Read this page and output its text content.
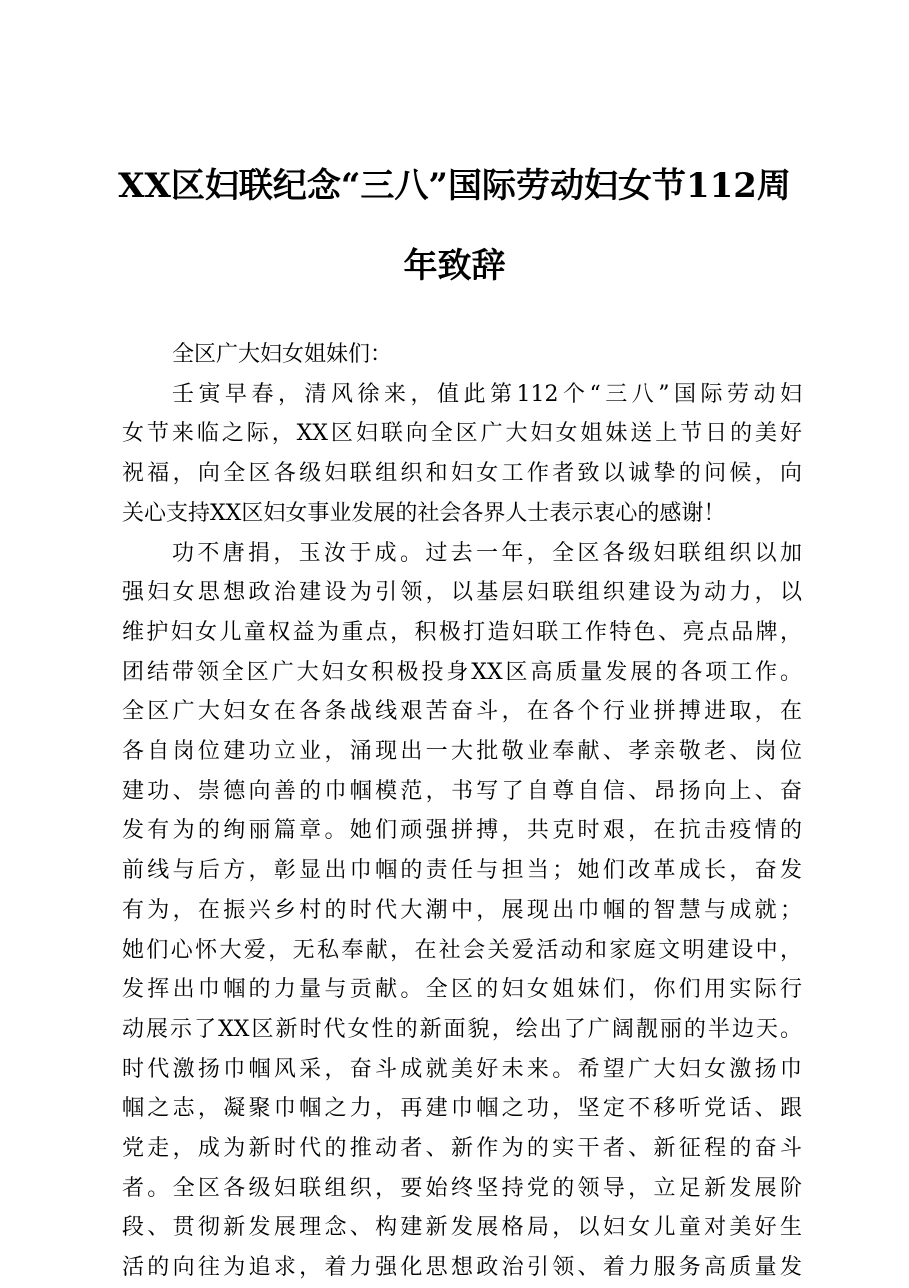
XX区妇联纪念“三八”国际劳动妇女节112周
年致辞
全区广大妇女姐妹们：
壬寅早春，清风徐来，值此第112个“三八”国际劳动妇
女节来临之际，XX区妇联向全区广大妇女姐妹送上节日的美好
祝福，向全区各级妇联组织和妇女工作者致以诚挚的问候，向
关心支持XX区妇女事业发展的社会各界人士表示衷心的感谢！
功不唐捐，玉汝于成。过去一年，全区各级妇联组织以加
强妇女思想政治建设为引领，以基层妇联组织建设为动力，以
维护妇女儿童权益为重点，积极打造妇联工作特色、亮点品牌，
团结带领全区广大妇女积极投身XX区高质量发展的各项工作。
全区广大妇女在各条战线艰苦奋斗，在各个行业拼搏进取，在
各自岗位建功立业，涌现出一大批敬业奉献、孝亲敬老、岗位
建功、崇德向善的巾帼模范，书写了自尊自信、昂扬向上、奋
发有为的绚丽篇章。她们顽强拼搏，共克时艰，在抗击疫情的
前线与后方，彰显出巾帼的责任与担当；她们改革成长，奋发
有为，在振兴乡村的时代大潮中，展现出巾帼的智慧与成就；
她们心怀大爱，无私奉献，在社会关爱活动和家庭文明建设中，
发挥出巾帼的力量与贡献。全区的妇女姐妹们，你们用实际行
动展示了XX区新时代女性的新面貌，绘出了广阔靓丽的半边天。
时代激扬巾帼风采，奋斗成就美好未来。希望广大妇女激扬巾
帼之志，凝聚巾帼之力，再建巾帼之功，坚定不移听党话、跟
党走，成为新时代的推动者、新作为的实干者、新征程的奋斗
者。全区各级妇联组织，要始终坚持党的领导，立足新发展阶
段、贯彻新发展理念、构建新发展格局，以妇女儿童对美好生
活的向往为追求，着力强化思想政治引领、着力服务高质量发
